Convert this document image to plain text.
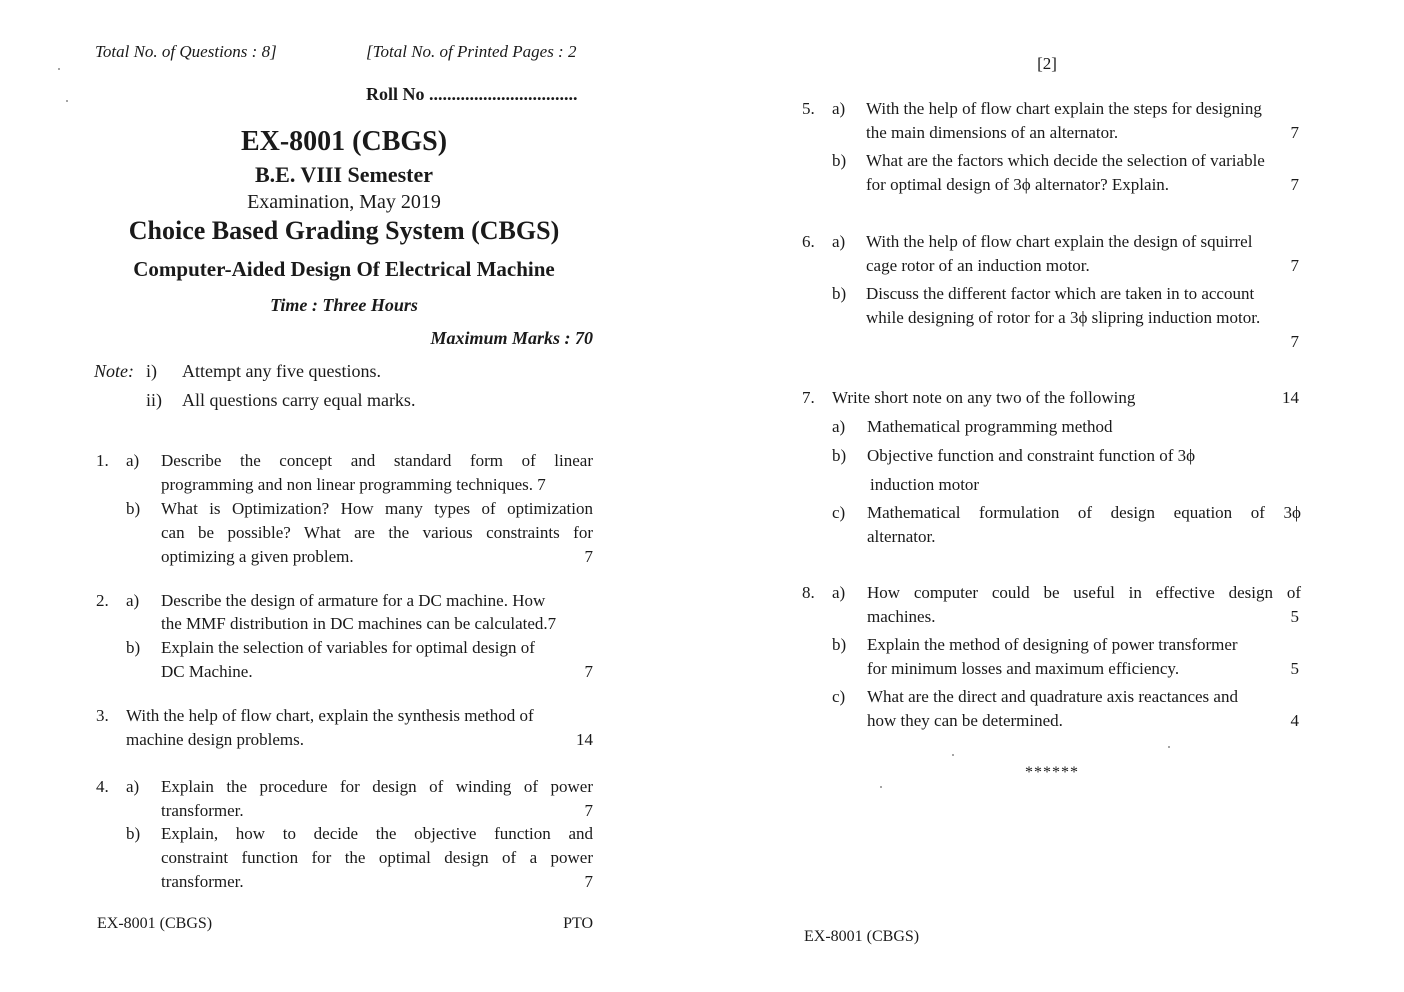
Total No. of Questions : 8]	[Total No. of Printed Pages : 2
Roll No .................................
EX-8001 (CBGS)
B.E. VIII Semester
Examination, May 2019
Choice Based Grading System (CBGS)
Computer-Aided Design Of Electrical Machine
Time : Three Hours
Maximum Marks : 70
Note: i) Attempt any five questions.
ii) All questions carry equal marks.
1. a) Describe the concept and standard form of linear
programming and non linear programming techniques. 7
b) What is Optimization? How many types of optimization
can be possible? What are the various constraints for
optimizing a given problem.	7
2. a) Describe the design of armature for a DC machine. How
the MMF distribution in DC machines can be calculated.7
b) Explain the selection of variables for optimal design of
DC Machine.	7
3. With the help of flow chart, explain the synthesis method of
machine design problems.	14
4. a) Explain the procedure for design of winding of power
transformer.	7
b) Explain, how to decide the objective function and
constraint function for the optimal design of a power
transformer.	7
EX-8001 (CBGS)	PTO
[2]
5. a) With the help of flow chart explain the steps for designing
the main dimensions of an alternator.	7
b) What are the factors which decide the selection of variable
for optimal design of 3ϕ alternator? Explain.	7
6. a) With the help of flow chart explain the design of squirrel
cage rotor of an induction motor.	7
b) Discuss the different factor which are taken in to account
while designing of rotor for a 3ϕ slipring induction motor.
7
7. Write short note on any two of the following	14
a) Mathematical programming method
b) Objective function and constraint function of 3ϕ
induction motor
c) Mathematical formulation of design equation of 3ϕ
alternator.
8. a) How computer could be useful in effective design of
machines.	5
b) Explain the method of designing of power transformer
for minimum losses and maximum efficiency.	5
c) What are the direct and quadrature axis reactances and
how they can be determined.	4
******
EX-8001 (CBGS)
